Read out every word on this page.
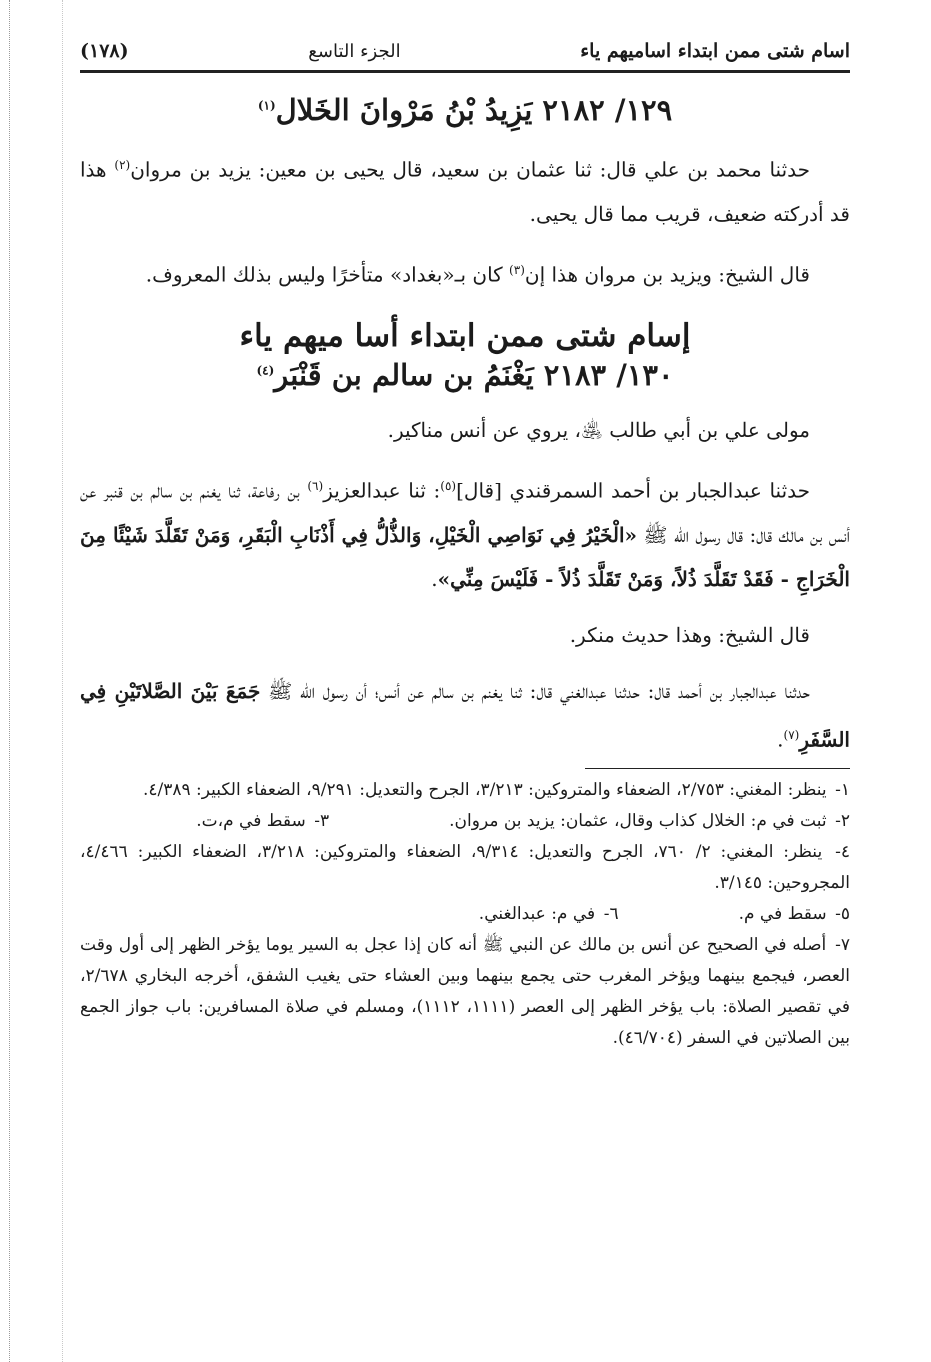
اسام شتى ممن ابتداء اساميهم ياء
الجزء التاسع
(١٧٨)
١٢٩/ ٢١٨٢ يَزِيدُ بْنُ مَرْوانَ الخَلال$^{(١)}$

حدثنا محمد بن علي قال: ثنا عثمان بن سعيد، قال يحيى بن معين: يزيد بن مروان$^{(٢)}$ هذا قد أدركته ضعيف، قريب مما قال يحيى.

قال الشيخ: ويزيد بن مروان هذا إن$^{(٣)}$ كان بـ«بغداد» متأخرًا وليس بذلك المعروف.

إسام شتى ممن ابتداء أسا ميهم ياء
١٣٠/ ٢١٨٣ يَغْنَمُ بن سالم بن قَنْبَر$^{(٤)}$

مولى علي بن أبي طالب ﵁، يروي عن أنس مناكير.

حدثنا عبدالجبار بن أحمد السمرقندي [قال]$^{(٥)}$: ثنا عبدالعزيز$^{(٦)}$ بن رفاعة، ثنا يغنم بن سالم بن قنبر عن أنس بن مالك قال: قال رسول الله ﷺ «الْخَيْرُ فِي نَوَاصِي الْخَيْلِ، وَالذُّلُّ فِي أَذْنَابِ الْبَقَرِ، وَمَنْ تَقَلَّدَ شَيْئًا مِنَ الْخَرَاجِ - فَقَدْ تَقَلَّدَ ذُلاً، وَمَنْ تَقَلَّدَ ذُلاً - فَلَيْسَ مِنِّي».

قال الشيخ: وهذا حديث منكر.

حدثنا عبدالجبار بن أحمد قال: حدثنا عبدالغني قال: ثنا يغنم بن سالم عن أنس؛ أن رسول الله ﷺ جَمَعَ بَيْنَ الصَّلاتَيْنِ فِي السَّفَرِ$^{(٧)}$.

١- ينظر: المغني: ٢/٧٥٣، الضعفاء والمتروكين: ٣/٢١٣، الجرح والتعديل: ٩/٢٩١، الضعفاء الكبير: ٤/٣٨٩.
٢- ثبت في م: الخلال كذاب وقال، عثمان: يزيد بن مروان.
٣- سقط في م،ت.
٤- ينظر: المغني: ٢/ ٧٦٠، الجرح والتعديل: ٩/٣١٤، الضعفاء والمتروكين: ٣/٢١٨، الضعفاء الكبير: ٤/٤٦٦، المجروحين: ٣/١٤٥.
٥- سقط في م.
٦- في م: عبدالغني.
٧- أصله في الصحيح عن أنس بن مالك عن النبي ﷺ أنه كان إذا عجل به السير يوما يؤخر الظهر إلى أول وقت العصر، فيجمع بينهما ويؤخر المغرب حتى يجمع بينهما وبين العشاء حتى يغيب الشفق، أخرجه البخاري ٢/٦٧٨، في تقصير الصلاة: باب يؤخر الظهر إلى العصر (١١١١، ١١١٢)، ومسلم في صلاة المسافرين: باب جواز الجمع بين الصلاتين في السفر (٤٦/٧٠٤).
